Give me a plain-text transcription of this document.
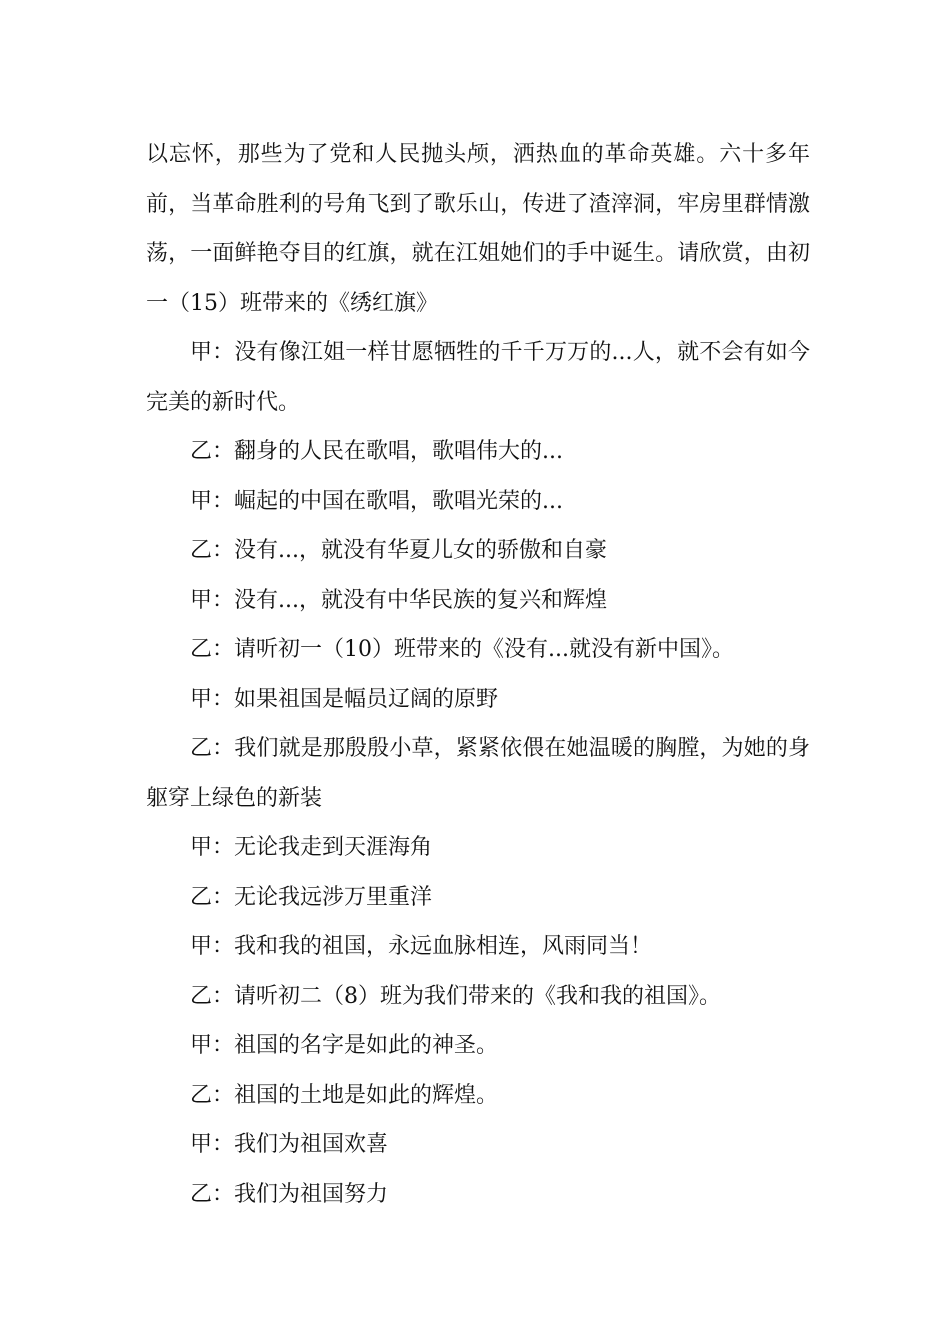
以忘怀，那些为了党和人民抛头颅，洒热血的革命英雄。六十多年前，当革命胜利的号角飞到了歌乐山，传进了渣滓洞，牢房里群情激荡，一面鲜艳夺目的红旗，就在江姐她们的手中诞生。请欣赏，由初一（15）班带来的《绣红旗》

甲：没有像江姐一样甘愿牺牲的千千万万的...人，就不会有如今完美的新时代。

乙：翻身的人民在歌唱，歌唱伟大的...

甲：崛起的中国在歌唱，歌唱光荣的...

乙：没有...，就没有华夏儿女的骄傲和自豪

甲：没有...，就没有中华民族的复兴和辉煌

乙：请听初一（10）班带来的《没有...就没有新中国》。

甲：如果祖国是幅员辽阔的原野

乙：我们就是那殷殷小草，紧紧依偎在她温暖的胸膛，为她的身躯穿上绿色的新装

甲：无论我走到天涯海角

乙：无论我远涉万里重洋

甲：我和我的祖国，永远血脉相连，风雨同当！

乙：请听初二（8）班为我们带来的《我和我的祖国》。

甲：祖国的名字是如此的神圣。

乙：祖国的土地是如此的辉煌。

甲：我们为祖国欢喜

乙：我们为祖国努力
